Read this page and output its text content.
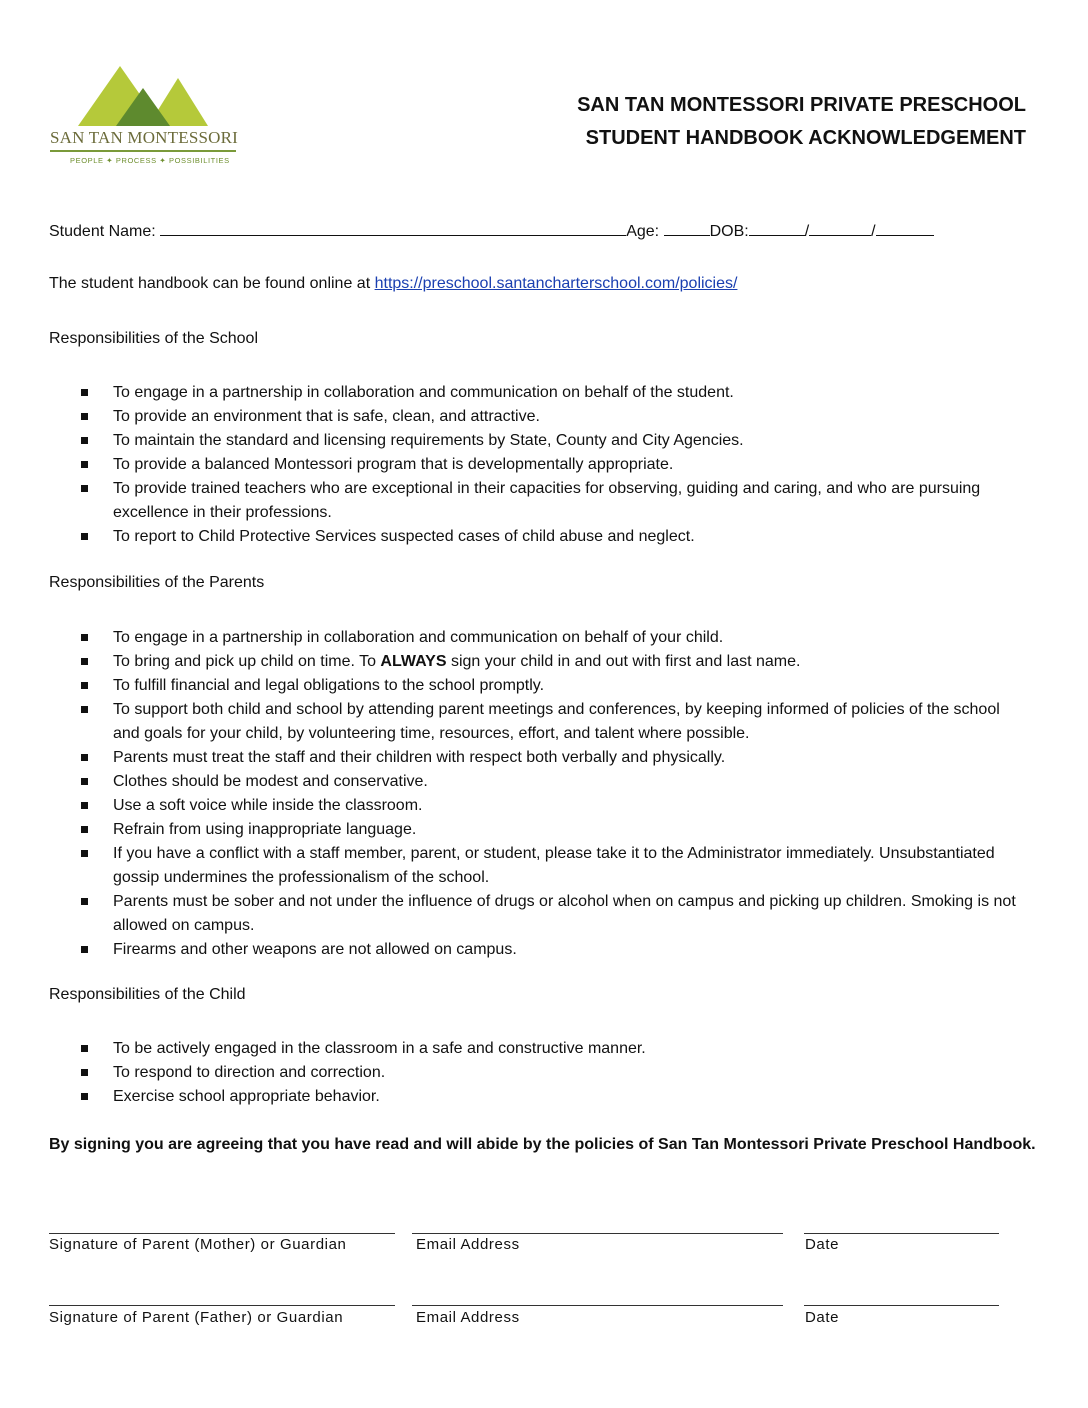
SAN TAN MONTESSORI
PEOPLE ✦ PROCESS ✦ POSSIBILITIES
SAN TAN MONTESSORI PRIVATE PRESCHOOL
STUDENT HANDBOOK ACKNOWLEDGEMENT
Student Name:	Age:	DOB:	/	/
The student handbook can be found online at https://preschool.santancharterschool.com/policies/
Responsibilities of the School
To engage in a partnership in collaboration and communication on behalf of the student.
To provide an environment that is safe, clean, and attractive.
To maintain the standard and licensing requirements by State, County and City Agencies.
To provide a balanced Montessori program that is developmentally appropriate.
To provide trained teachers who are exceptional in their capacities for observing, guiding and caring, and who are pursuing excellence in their professions.
To report to Child Protective Services suspected cases of child abuse and neglect.
Responsibilities of the Parents
To engage in a partnership in collaboration and communication on behalf of your child.
To bring and pick up child on time. To ALWAYS sign your child in and out with first and last name.
To fulfill financial and legal obligations to the school promptly.
To support both child and school by attending parent meetings and conferences, by keeping informed of policies of the school and goals for your child, by volunteering time, resources, effort, and talent where possible.
Parents must treat the staff and their children with respect both verbally and physically.
Clothes should be modest and conservative.
Use a soft voice while inside the classroom.
Refrain from using inappropriate language.
If you have a conflict with a staff member, parent, or student, please take it to the Administrator immediately. Unsubstantiated gossip undermines the professionalism of the school.
Parents must be sober and not under the influence of drugs or alcohol when on campus and picking up children. Smoking is not allowed on campus.
Firearms and other weapons are not allowed on campus.
Responsibilities of the Child
To be actively engaged in the classroom in a safe and constructive manner.
To respond to direction and correction.
Exercise school appropriate behavior.
By signing you are agreeing that you have read and will abide by the policies of San Tan Montessori Private Preschool Handbook.
Signature of Parent (Mother) or Guardian	Email Address	Date
Signature of Parent (Father) or Guardian	Email Address	Date
